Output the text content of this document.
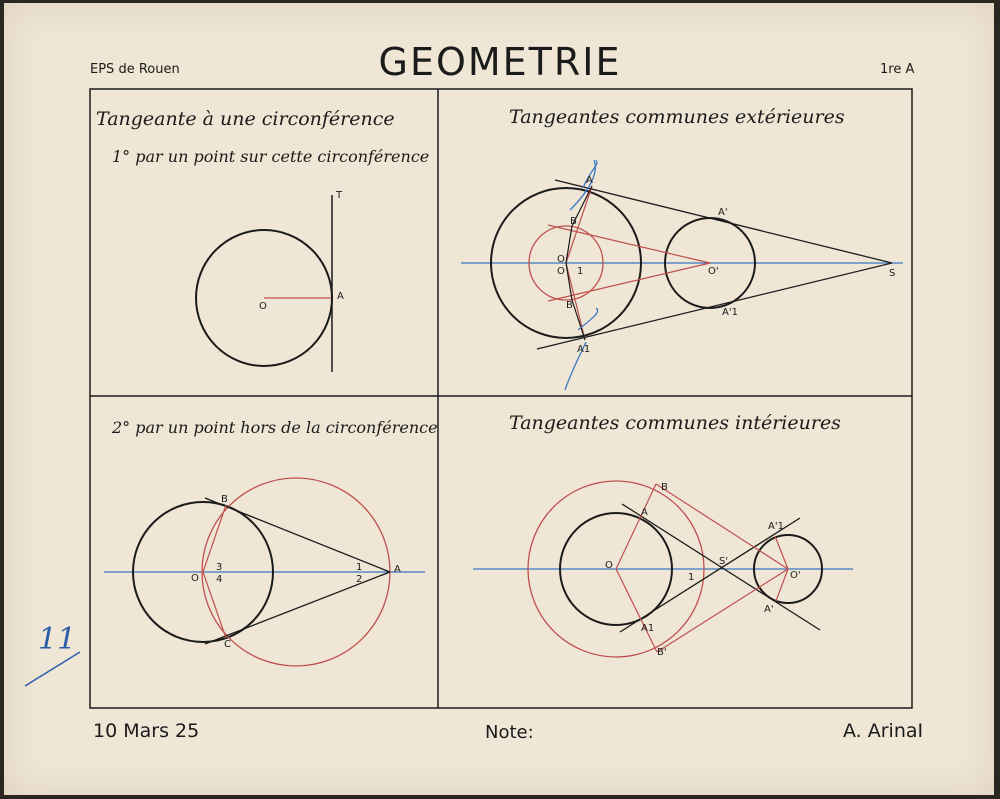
EPS de Rouen	GEOMETRIE	1re A
O
A
T
A
B
O
O 1
B
A1
A'
O'
A'1
S
B
O
3
4
C
1
2
A
B
A
O
1
S'
A'1
O'
A'
A1
B'
Tangeante à une circonférence
1° par un point sur cette circonférence
Tangeantes communes extérieures
2° par un point hors de la circonférence	Tangeantes communes intérieures
10 Mars 25	Note:	A. ArinaI
11
